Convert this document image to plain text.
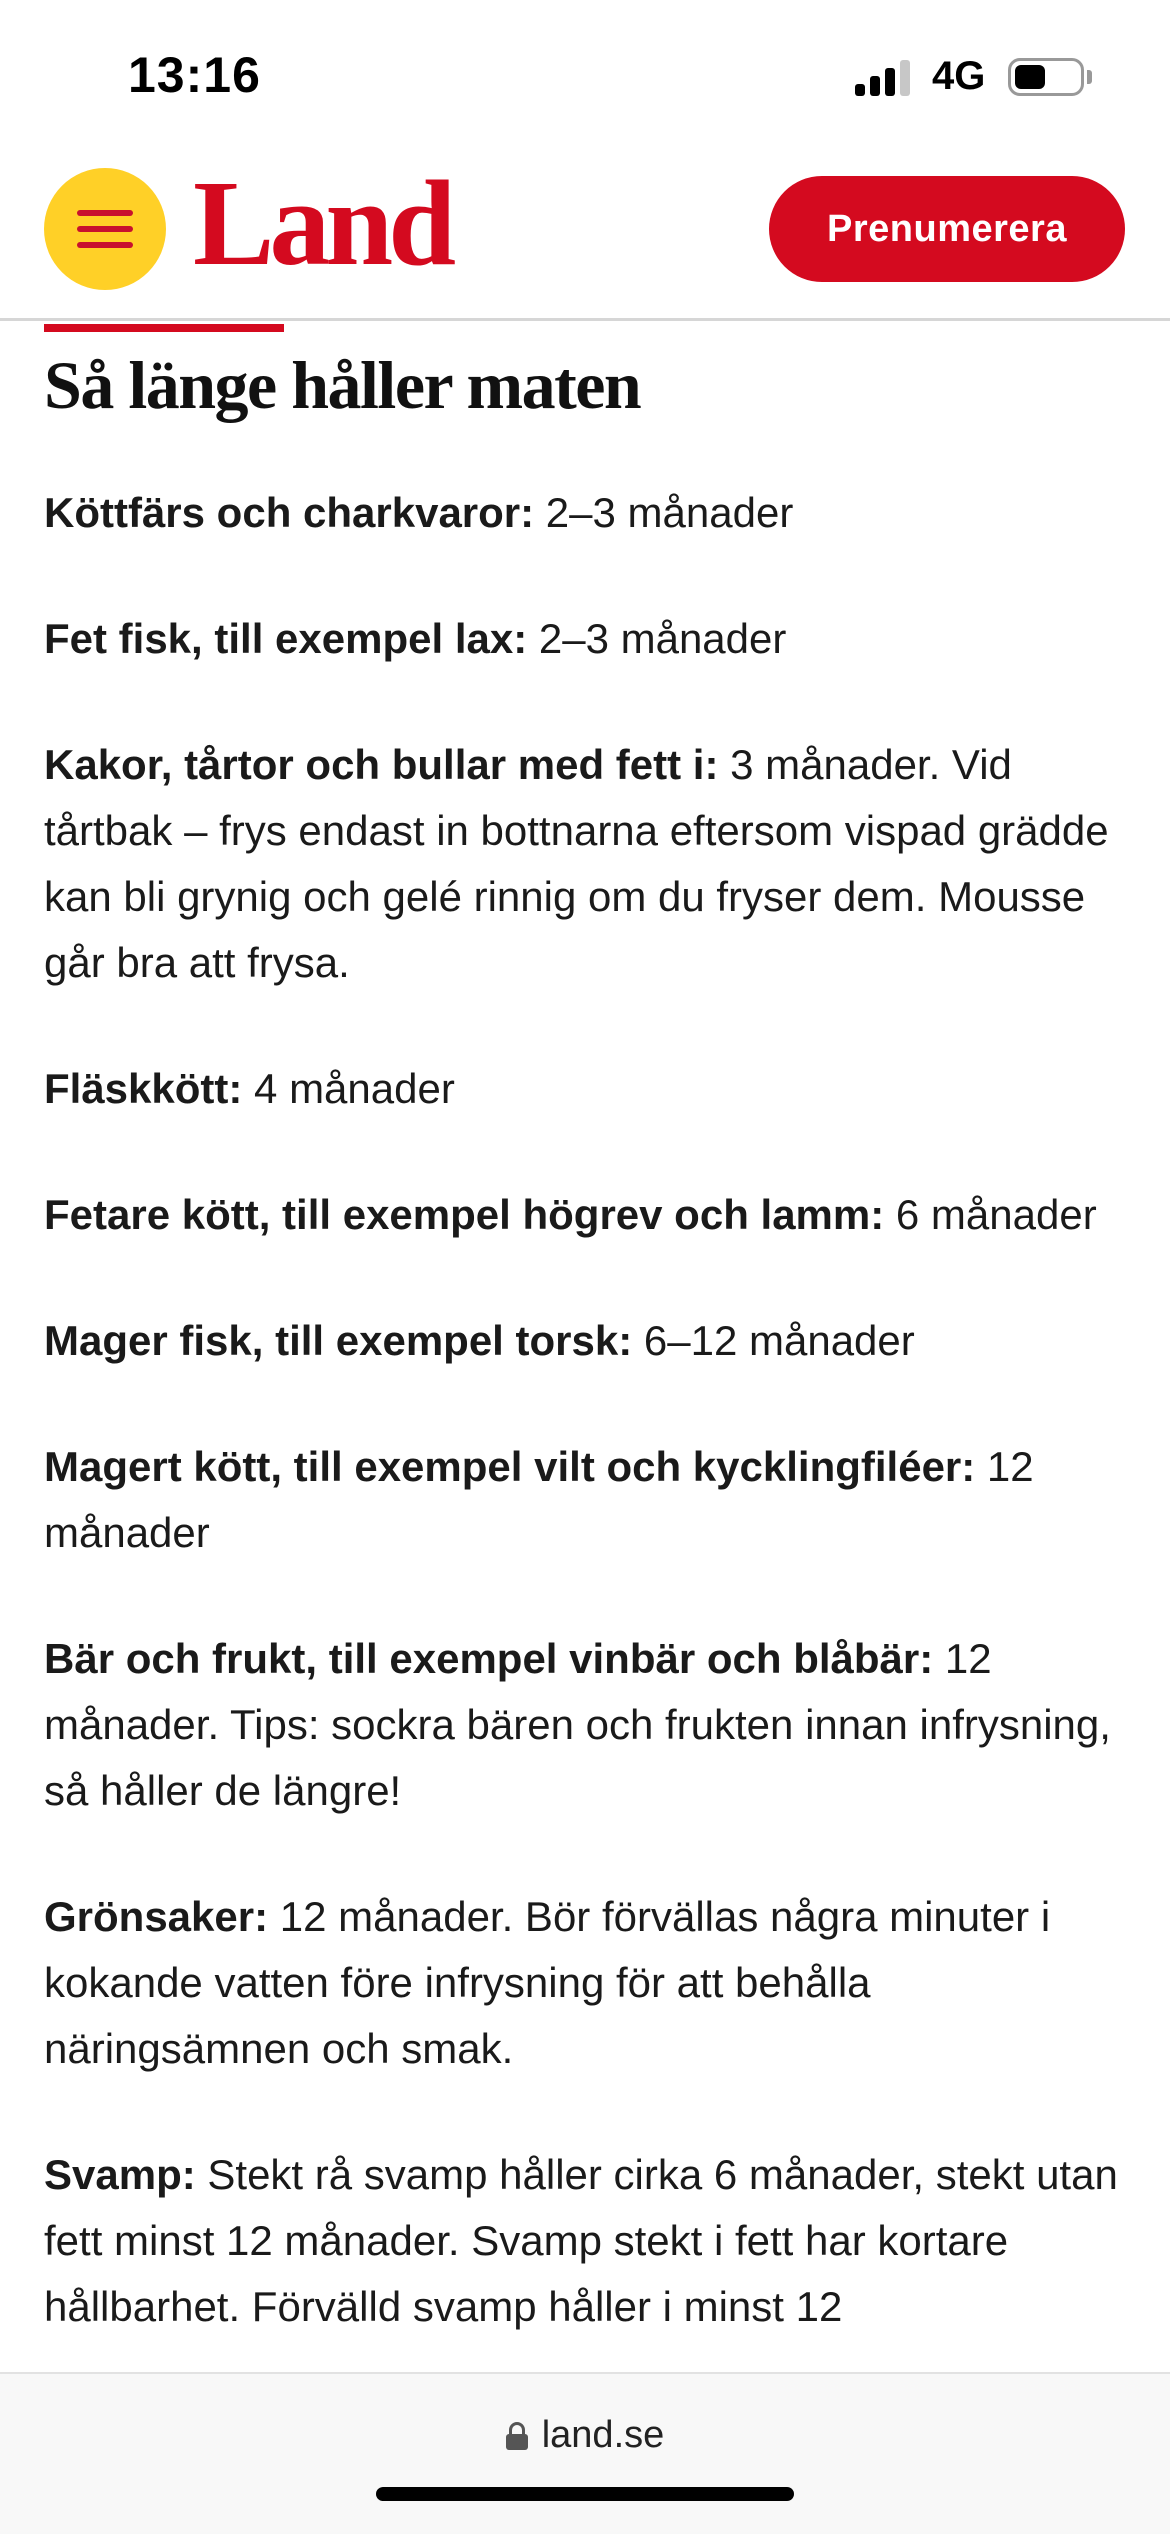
13:16	4G
Land	Prenumerera
Så länge håller maten

Köttfärs och charkvaror: 2–3 månader

Fet fisk, till exempel lax: 2–3 månader

Kakor, tårtor och bullar med fett i: 3 månader. Vid tårtbak – frys endast in bottnarna eftersom vispad grädde kan bli grynig och gelé rinnig om du fryser dem. Mousse går bra att frysa.

Fläskkött: 4 månader

Fetare kött, till exempel högrev och lamm: 6 månader

Mager fisk, till exempel torsk: 6–12 månader

Magert kött, till exempel vilt och kycklingfiléer: 12 månader

Bär och frukt, till exempel vinbär och blåbär: 12 månader. Tips: sockra bären och frukten innan infrysning, så håller de längre!

Grönsaker: 12 månader. Bör förvällas några minuter i kokande vatten före infrysning för att behålla näringsämnen och smak.

Svamp: Stekt rå svamp håller cirka 6 månader, stekt utan fett minst 12 månader. Svamp stekt i fett har kortare hållbarhet. Förvälld svamp håller i minst 12

land.se
